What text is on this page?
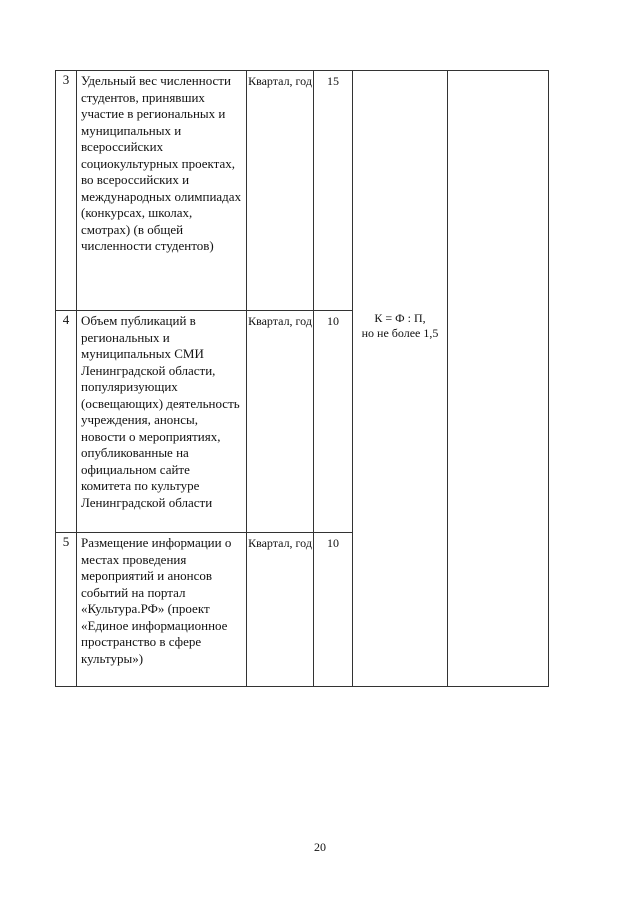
3	Удельный вес численности студентов, принявших участие в региональных и муниципальных и всероссийских социокультурных проектах, во всероссийских и международных олимпиадах (конкурсах, школах, смотрах) (в общей численности студентов)	Квартал, год	15	К = Ф : П,
но не более 1,5	

4	Объем публикаций в региональных и муниципальных СМИ Ленинградской области, популяризующих (освещающих) деятельность учреждения, анонсы, новости о мероприятиях, опубликованные на официальном сайте комитета по культуре Ленинградской области	Квартал, год	10		
5	Размещение информации о местах проведения мероприятий и анонсов событий на портал «Культура.РФ» (проект «Единое информационное пространство в сфере культуры»)	Квартал, год	10		
20
